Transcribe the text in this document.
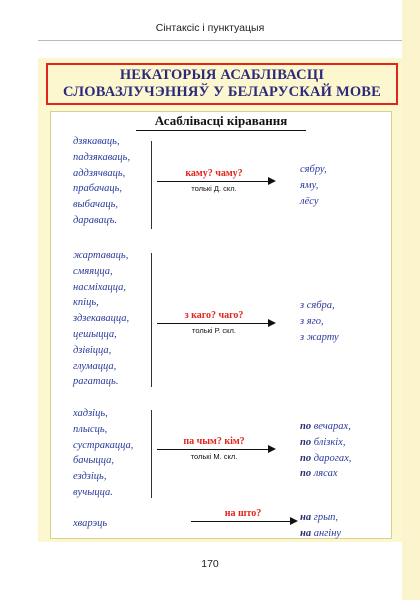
Сінтаксіс і пунктуацыя
НЕКАТОРЫЯ АСАБЛІВАСЦІ
СЛОВАЗЛУЧЭННЯЎ У БЕЛАРУСКАЙ МОВЕ
Асаблівасці кіравання
дзякаваць,
падзякаваць,
аддзячваць,
прабачаць,
выбачаць,
даравацъ.
каму? чаму?
толькі Д. скл.
сябру,
яму,
лёсу
жартаваць,
смяяцца,
насміхацца,
кпіць,
здзекавацца,
цешыцца,
дзівіцца,
глумацца,
рагатаць.
з каго? чаго?
толькі Р. скл.
з сябра,
з яго,
з жарту
хадзіць,
плысць,
сустракацца,
бачыцца,
ездзіць,
вучыцца.
па чым? кім?
толькі М. скл.
по вечарах,
по блізкіх,
по дарогах,
по лясах
хварэць
на што?	на грып,
на ангіну
170
